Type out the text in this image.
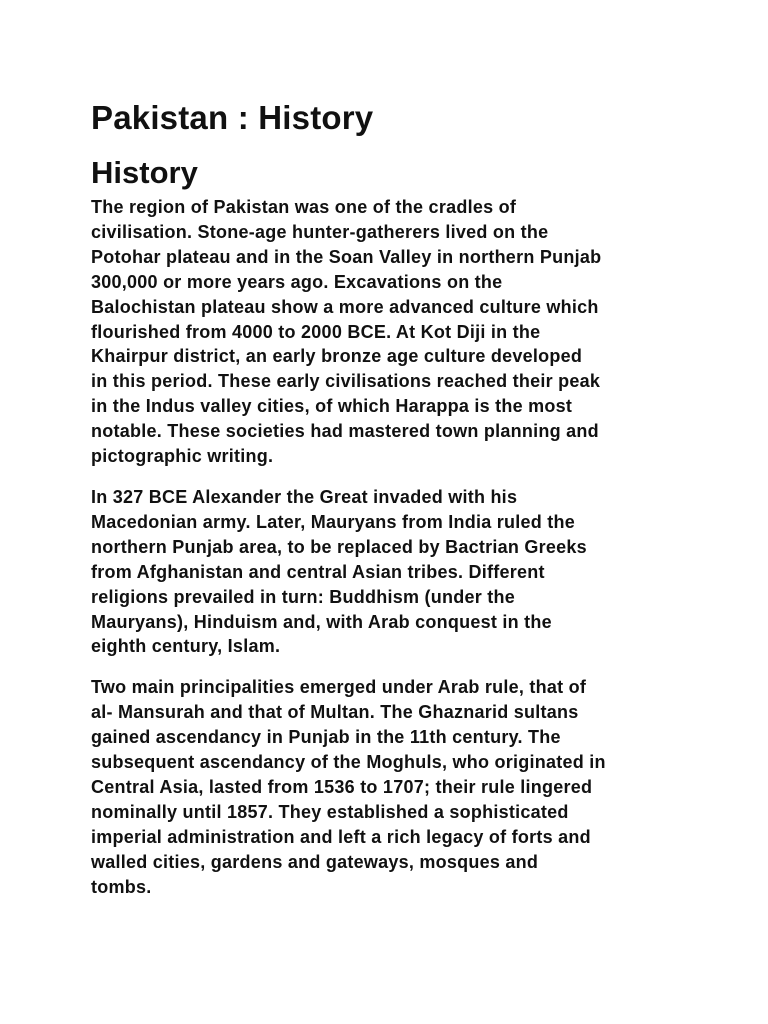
Pakistan : History
History

The region of Pakistan was one of the cradles of
civilisation. Stone-age hunter-gatherers lived on the
Potohar plateau and in the Soan Valley in northern Punjab
300,000 or more years ago. Excavations on the
Balochistan plateau show a more advanced culture which
flourished from 4000 to 2000 BCE. At Kot Diji in the
Khairpur district, an early bronze age culture developed
in this period. These early civilisations reached their peak
in the Indus valley cities, of which Harappa is the most
notable. These societies had mastered town planning and
pictographic writing.

In 327 BCE Alexander the Great invaded with his
Macedonian army. Later, Mauryans from India ruled the
northern Punjab area, to be replaced by Bactrian Greeks
from Afghanistan and central Asian tribes. Different
religions prevailed in turn: Buddhism (under the
Mauryans), Hinduism and, with Arab conquest in the
eighth century, Islam.

Two main principalities emerged under Arab rule, that of
al- Mansurah and that of Multan. The Ghaznarid sultans
gained ascendancy in Punjab in the 11th century. The
subsequent ascendancy of the Moghuls, who originated in
Central Asia, lasted from 1536 to 1707; their rule lingered
nominally until 1857. They established a sophisticated
imperial administration and left a rich legacy of forts and
walled cities, gardens and gateways, mosques and
tombs.
